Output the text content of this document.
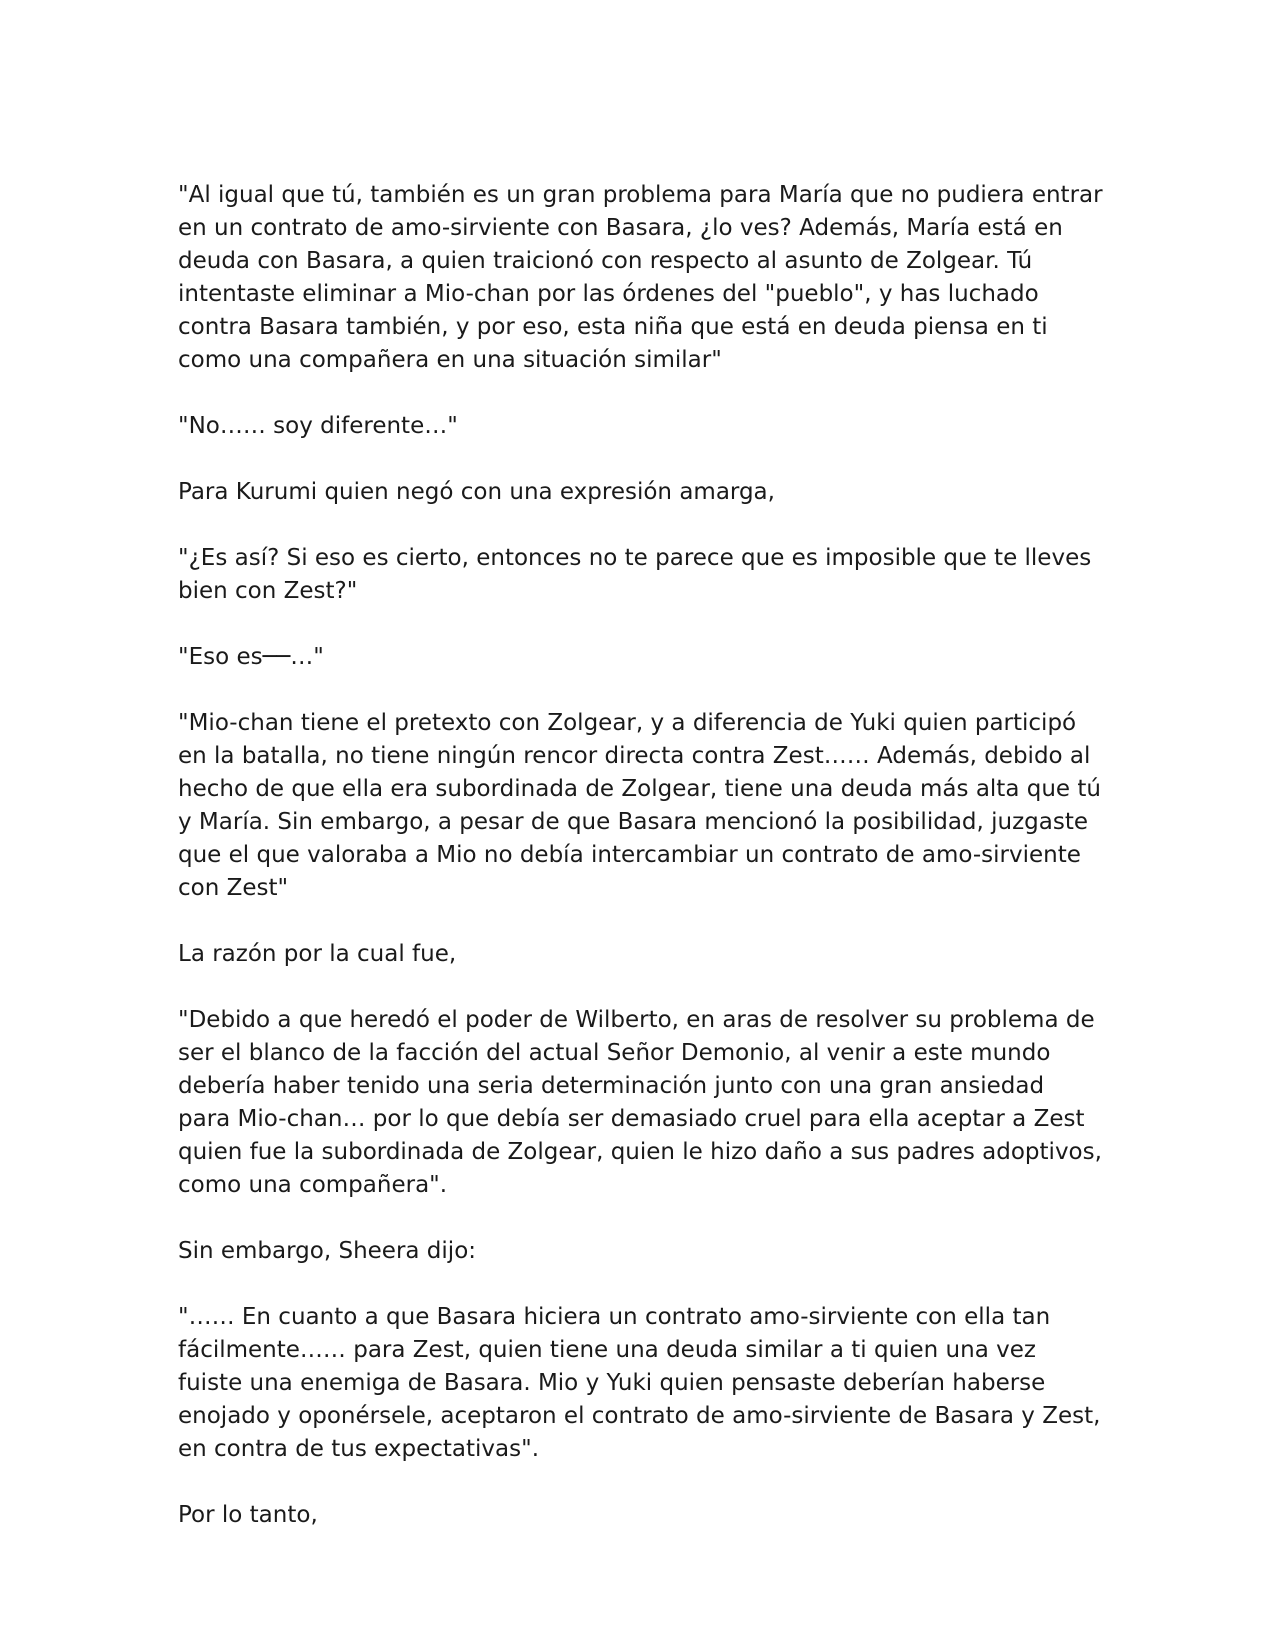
"Al igual que tú, también es un gran problema para María que no pudiera entrar en un contrato de amo-sirviente con Basara, ¿lo ves? Además, María está en deuda con Basara, a quien traicionó con respecto al asunto de Zolgear. Tú intentaste eliminar a Mio-chan por las órdenes del "pueblo", y has luchado contra Basara también, y por eso, esta niña que está en deuda piensa en ti como una compañera en una situación similar"

"No…… soy diferente…"

Para Kurumi quien negó con una expresión amarga,

"¿Es así? Si eso es cierto, entonces no te parece que es imposible que te lleves bien con Zest?"

"Eso es──…"

"Mio-chan tiene el pretexto con Zolgear, y a diferencia de Yuki quien participó en la batalla, no tiene ningún rencor directa contra Zest…… Además, debido al hecho de que ella era subordinada de Zolgear, tiene una deuda más alta que tú y María. Sin embargo, a pesar de que Basara mencionó la posibilidad, juzgaste que el que valoraba a Mio no debía intercambiar un contrato de amo-sirviente con Zest"

La razón por la cual fue,

"Debido a que heredó el poder de Wilberto, en aras de resolver su problema de ser el blanco de la facción del actual Señor Demonio, al venir a este mundo debería haber tenido una seria determinación junto con una gran ansiedad para Mio-chan… por lo que debía ser demasiado cruel para ella aceptar a Zest quien fue la subordinada de Zolgear, quien le hizo daño a sus padres adoptivos, como una compañera".

Sin embargo, Sheera dijo:

"…… En cuanto a que Basara hiciera un contrato amo-sirviente con ella tan fácilmente…… para Zest, quien tiene una deuda similar a ti quien una vez fuiste una enemiga de Basara. Mio y Yuki quien pensaste deberían haberse enojado y oponérsele, aceptaron el contrato de amo-sirviente de Basara y Zest, en contra de tus expectativas".

Por lo tanto,
